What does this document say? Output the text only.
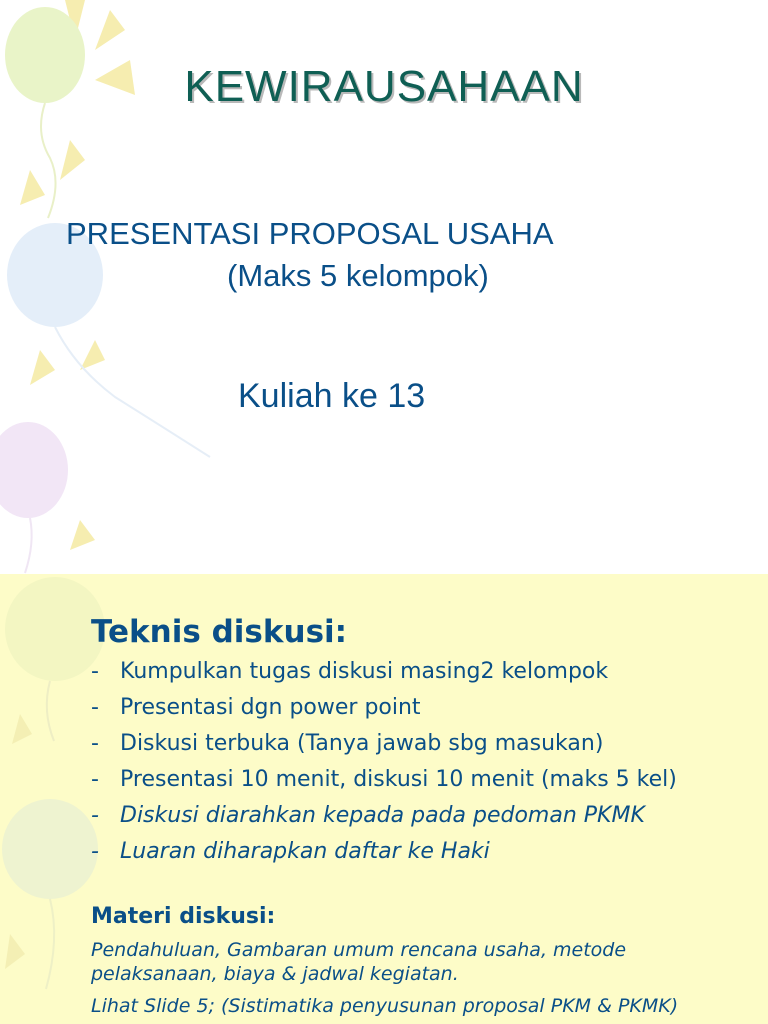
KEWIRAUSAHAAN
PRESENTASI PROPOSAL USAHA
(Maks 5 kelompok)
Kuliah ke 13
Teknis diskusi:
- Kumpulkan tugas diskusi masing2 kelompok
- Presentasi dgn power point
- Diskusi terbuka (Tanya jawab sbg masukan)
- Presentasi 10 menit, diskusi 10 menit (maks 5 kel)
- Diskusi diarahkan kepada pada pedoman PKMK
- Luaran diharapkan daftar ke Haki
Materi diskusi:
Pendahuluan, Gambaran umum rencana usaha, metode pelaksanaan, biaya & jadwal kegiatan.
Lihat Slide 5; (Sistimatika penyusunan proposal PKM & PKMK)
